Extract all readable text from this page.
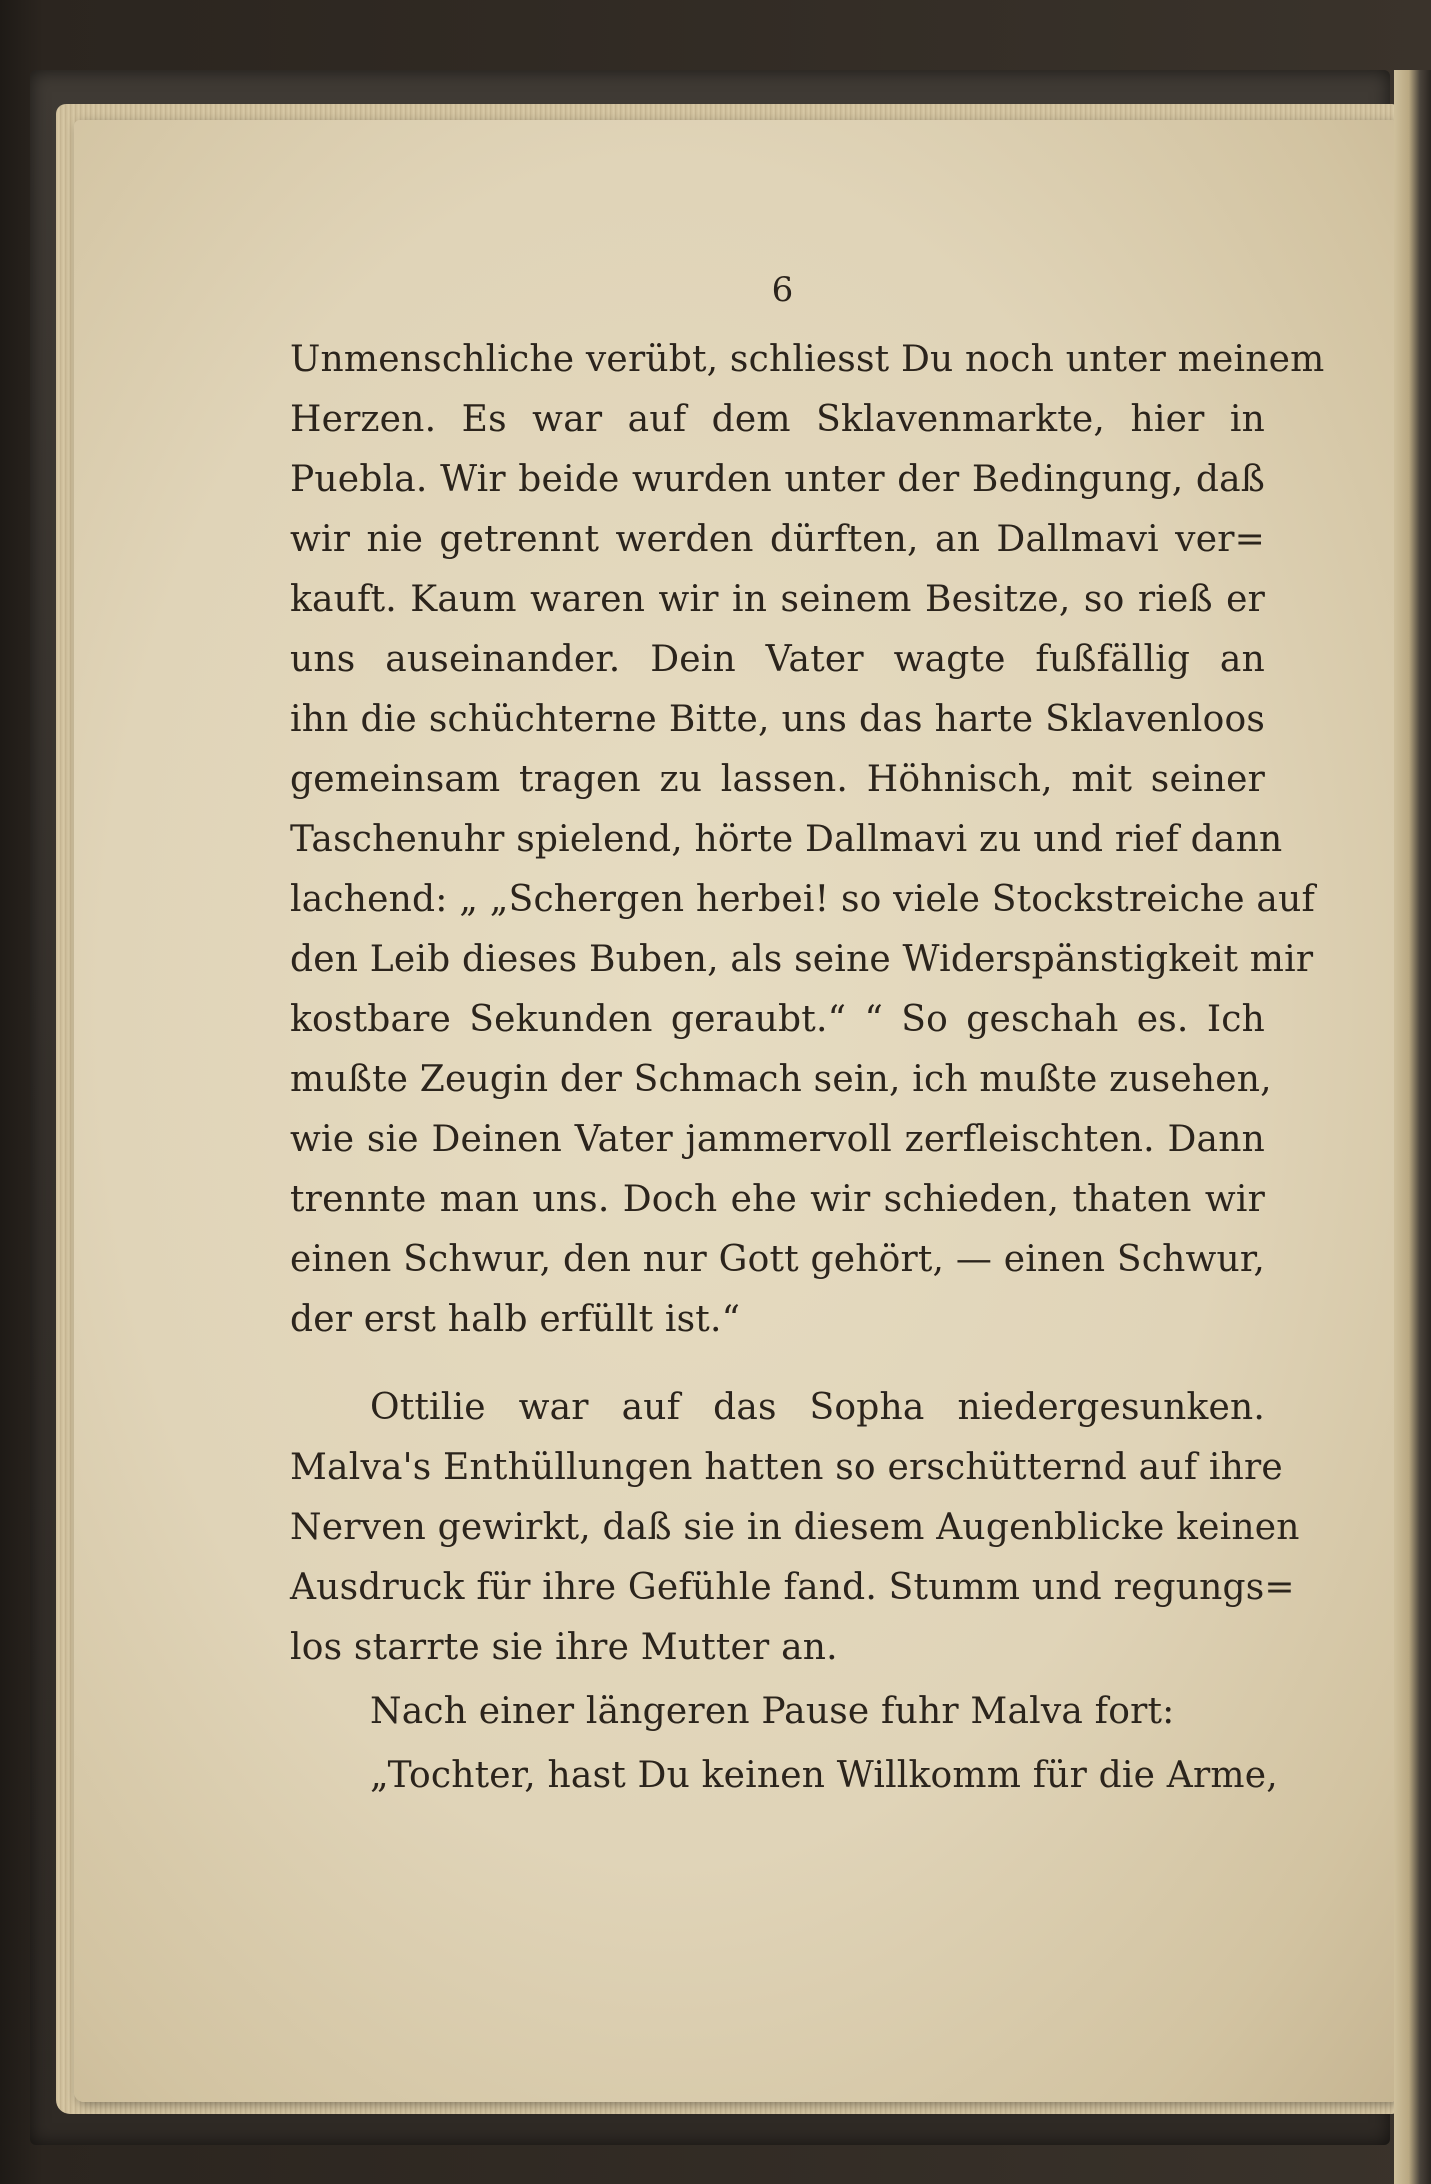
6
Unmenschliche verübt, schliesst Du noch unter meinem
Herzen. Es war auf dem Sklavenmarkte, hier in
Puebla. Wir beide wurden unter der Bedingung, daß
wir nie getrennt werden dürften, an Dallmavi ver=
kauft. Kaum waren wir in seinem Besitze, so rieß er
uns auseinander. Dein Vater wagte fußfällig an
ihn die schüchterne Bitte, uns das harte Sklavenloos
gemeinsam tragen zu lassen. Höhnisch, mit seiner
Taschenuhr spielend, hörte Dallmavi zu und rief dann
lachend: „ „Schergen herbei! so viele Stockstreiche auf
den Leib dieses Buben, als seine Widerspänstigkeit mir
kostbare Sekunden geraubt.“ “ So geschah es. Ich
mußte Zeugin der Schmach sein, ich mußte zusehen,
wie sie Deinen Vater jammervoll zerfleischten. Dann
trennte man uns. Doch ehe wir schieden, thaten wir
einen Schwur, den nur Gott gehört, — einen Schwur,
der erst halb erfüllt ist.“
Ottilie war auf das Sopha niedergesunken.
Malva's Enthüllungen hatten so erschütternd auf ihre
Nerven gewirkt, daß sie in diesem Augenblicke keinen
Ausdruck für ihre Gefühle fand. Stumm und regungs=
los starrte sie ihre Mutter an.
Nach einer längeren Pause fuhr Malva fort:
„Tochter, hast Du keinen Willkomm für die Arme,
